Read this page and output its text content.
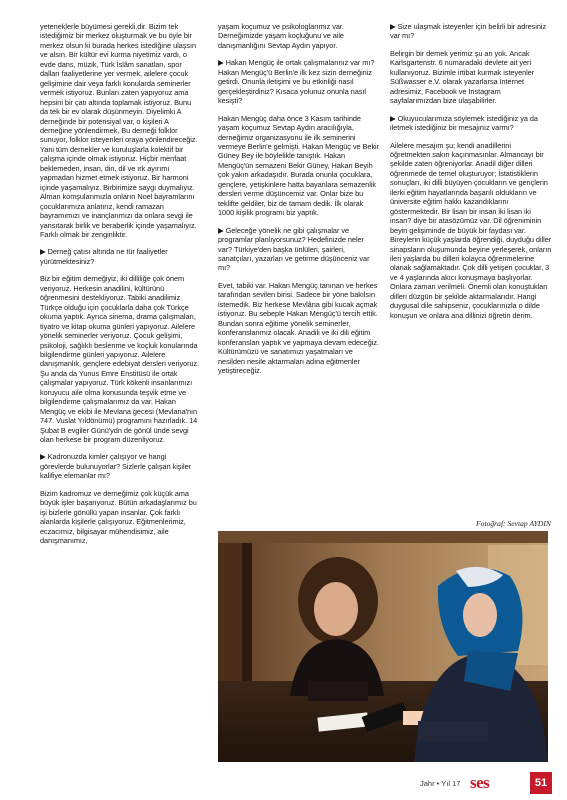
yeteneklerle büyümesi gerekli.dir. Bizim tek istediğimiz bir merkez oluşturmak ve bu öyle bir merkez olsun ki burada herkes istediğine ulaşsın ve alsın. Bir kültür evi kurma niyetimiz vardı, o evde dans, müzik, Türk İslâm sanatları, spor dalları faaliyetlerine yer vermek, ailelere çocuk gelişimine dair veya farklı konularda seminerler vermek istiyoruz. Bunları zaten yapıyoruz ama hepsini bir çatı altında toplamak istiyoruz. Bunu da tek bir ev olarak düşünmeyin. Diyelimki A derneğinde bir potensiyal var, o kişileri A derneğine yönlendirmek, Bu derneği folklor sunuyor, folklor isteyenleri oraya yönlendireceğiz. Yani tüm dernekler ve kuruluşlarla kolektif bir çalışma içinde olmak istiyoruz. Hiçbir menfaat beklemeden, insan, din, dil ve ırk ayırımı yapmadan hizmet etmek istiyoruz. Bir harmoni içinde yaşamalıyız. Birbirimize saygı duymalıyız. Alman komşularımızla onların Noel bayramlarını çocuklarımıza anlatırız, kendi ramazan bayramımızı ve inançlarımızı da onlara sevgi ile yansıtarak birlik ve beraberlik içinde yaşamalıyız. Farklı olmak bir zenginliktir.

▶ Derneğ çatısı altında ne tür faaliyetler yürütmektesiniz?

Biz bir eğitim derneğiyiz, iki dilliliğe çok önem veriyoruz. Herkesin anadilini, kültürünü öğrenmesini destekliyoruz. Tabiki anadilimiz Türkçe olduğu için çocuklarla daha çok Türkçe okuma yaptık. Ayrıca sinema, drama çalışmaları, tiyatro ve kitap okuma günleri yapıyoruz. Ailelere yönelik seminerler veriyoruz. Çocuk gelişimi, psikoloji, sağlıklı beslenme ve koçluk konularında bilgilendirme günleri yapıyoruz. Ailelere danışmanlık, gençlere edebiyat dersleri veriyoruz. Şu anda da Yunus Emre Enstitüsü ile ortak çalışmalar yapıyoruz. Türk kökenli insanlarımızı koruyucu aile olma konusunda teşvik etme ve bilgilendirme çalışmalarımız da var. Hakan Mengüç ve ekibi ile Mevlana gecesi (Mevlana'nın 747. Vuslat Yıldönümü) programını hazırladık. 14 Şubat B evgiler Günü'ydn de gönül ünde sevgi olan herkese bir program düzenliyoruz.

▶ Kadronuzda kimler çalışıyor ve hangi görevlerde bulunuyorlar? Sizlerle çalışan kişiler kalifiye elemanlar mı?

Bizim kadromuz ve derneğimiz çok küçük ama büyük işler başarıyoruz. Bütün arkadaşlarımız bu işi bizlerle gönüllü yapan insanlar. Çok farklı alanlarda kişilerle çalışıyoruz. Eğitmenlerimiz, eczacımız, bilgisayar mühendisimiz, aile danışmanımız,

yaşam koçumuz ve psikologlarımız var. Derneğimizde yaşam koçluğunu ve aile danışmanlığını Sevtap Aydın yapıyor.

▶ Hakan Mengüç ile ortak çalışmalarınız var mı? Hakan Mengüç'ü Berlin'e ilk kez sizin derneğiniz getirdi. Onunla iletişimi ve bu etkinliği nasıl gerçekleştirdiniz? Kısaca yolunuz onunla nasıl kesişti?

Hakan Mengüç daha önce 3 Kasım tarihinde yaşam koçumuz Sevtap Aydın aracılığıyla, derneğimiz organizasyonu ile ilk seminerini vermeye Berlin'e gelmişti. Hakan Mengüç ve Bekir Güney Bey ile böylelikle tanıştık. Hakan Mengüç'ün semazeni Bekir Güney, Hakan Beyih çok yakın arkadaşıdır. Burada onunla çocuklara, gençlere, yetişkinlere hatta bayanlara semazenlik dersleri verme düşüncemiz var. Onlar bize bu teklifte geldiler, biz de tamam dedik. İlk olarak 1000 kişilik programı biz yaptık.

▶ Geleceğe yönelik ne gibi çalışmalar ve programlar planlıyorsunuz? Hedefinizde neler var? Türkiye'den başka ünlüleri, şairleri, sanatçıları, yazarları ve getirme düşünceniz var mı?

Evet, tabiki var. Hakan Mengüç tanınan ve herkes tarafından sevilen birisi. Sadece bir yöne bakılsın istemedik. Biz herkese Mevlâna gibi kucak açmak istiyoruz. Bu sebeple Hakan Mengüç'ü tercih ettik. Bundan sonra eğitime yönelik seminerler, konferanslarımız olacak. Anadili ve iki dili eğitim konferansları yaptık ve yapmaya devam edeceğiz. Kültürümüzü ve sanatımızı yaşatmaları ve nesilden nesile aktarmaları adına eğitmenler yetiştireceğiz.

▶ Size ulaşmak isteyenler için belirli bir adresiniz var mı?

Belirgin bir demek yerimiz şu an yok. Ancak Karlsgartenstr. 6 numaradaki devlete ait yeri kullanıyoruz. Bizimle irtibat kurmak isteyenler Süßwasser e.V. olarak yazarlarsa İnternet adresimiz, Facebook ve Instagram sayfalarımızdan bize ulaşabilirler.

▶ Okuyucularımıza söylemek istediğiniz ya da iletmek istediğiniz bir mesajınız varmı?

Ailelere mesajım şu; kendi anadillerini öğretmekten sakın kaçınmasınlar. Almancayı bir şekilde zaten öğreniyorlar. Anadil diğer dilleri öğrenmede de temel oluşturuyor; İstatistiklerin sonuçları, iki dilli büyüyen çocukların ve gençlerin ilerki eğitim hayatlarında başarılı oldukların ve üniversite eğitim hakkı kazandıklarını göstermektedir. Bir lisan bir insan iki lisan iki insan? diye bir atasözümüz var. Dil öğreniminin beyin gelişiminde de büyük bir faydası var. Bireylerin küçük yaşlarda öğrendiği, duyduğu diller sinapsların oluşumunda beyine yerleşerek, onların ileri yaşlarda bu dilleri kolayca öğrenmelerine olanak sağlamaktadır. Çok dilli yetişen çocuklar, 3 ve 4 yaşlarında akıcı konuşmaya başlıyorlar. Onlara zaman verilmeli. Önemli olan konuştukları dilleri düzgün bir şekilde aktarmalarıdır. Hangi duygusal dile sahipseniz, çocuklarınızla o dilde konuşun ve onlara ana dillinizi öğretin derim.

Fotoğraf: Sevtap AYDIN
Jahr • Yıl 17 ses	51
